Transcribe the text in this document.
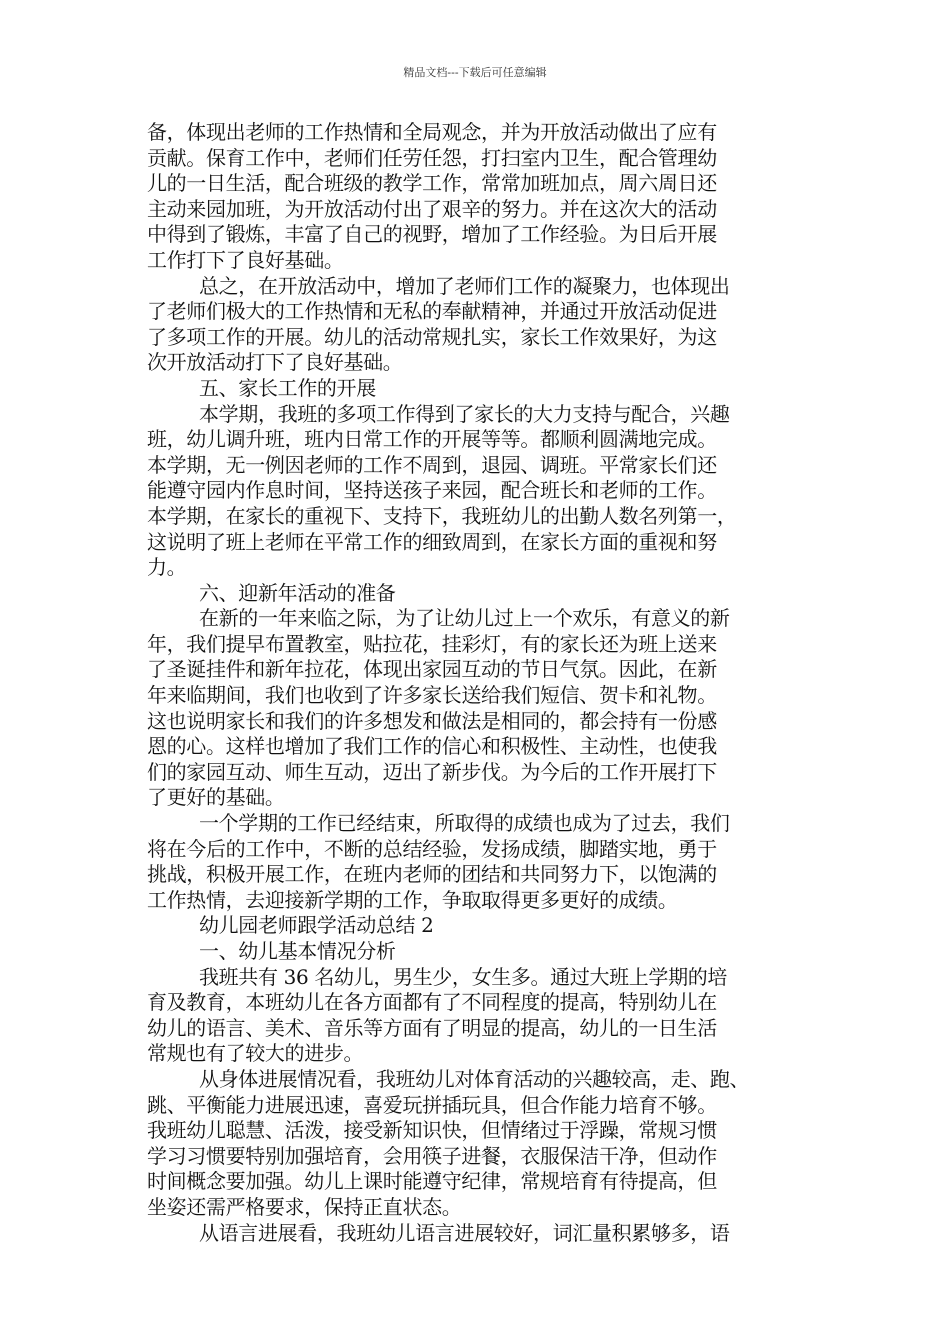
精品文档---下载后可任意编辑
备，体现出老师的工作热情和全局观念，并为开放活动做出了应有
贡献。保育工作中，老师们任劳任怨，打扫室内卫生，配合管理幼
儿的一日生活，配合班级的教学工作，常常加班加点，周六周日还
主动来园加班，为开放活动付出了艰辛的努力。并在这次大的活动
中得到了锻炼，丰富了自己的视野，增加了工作经验。为日后开展
工作打下了良好基础。
总之，在开放活动中，增加了老师们工作的凝聚力，也体现出
了老师们极大的工作热情和无私的奉献精神，并通过开放活动促进
了多项工作的开展。幼儿的活动常规扎实，家长工作效果好，为这
次开放活动打下了良好基础。
五、家长工作的开展
本学期，我班的多项工作得到了家长的大力支持与配合，兴趣
班，幼儿调升班，班内日常工作的开展等等。都顺利圆满地完成。
本学期，无一例因老师的工作不周到，退园、调班。平常家长们还
能遵守园内作息时间，坚持送孩子来园，配合班长和老师的工作。
本学期，在家长的重视下、支持下，我班幼儿的出勤人数名列第一，
这说明了班上老师在平常工作的细致周到，在家长方面的重视和努
力。
六、迎新年活动的准备
在新的一年来临之际，为了让幼儿过上一个欢乐，有意义的新
年，我们提早布置教室，贴拉花，挂彩灯，有的家长还为班上送来
了圣诞挂件和新年拉花，体现出家园互动的节日气氛。因此，在新
年来临期间，我们也收到了许多家长送给我们短信、贺卡和礼物。
这也说明家长和我们的许多想发和做法是相同的，都会持有一份感
恩的心。这样也增加了我们工作的信心和积极性、主动性，也使我
们的家园互动、师生互动，迈出了新步伐。为今后的工作开展打下
了更好的基础。
一个学期的工作已经结束，所取得的成绩也成为了过去，我们
将在今后的工作中，不断的总结经验，发扬成绩，脚踏实地，勇于
挑战，积极开展工作，在班内老师的团结和共同努力下，以饱满的
工作热情，去迎接新学期的工作，争取取得更多更好的成绩。
幼儿园老师跟学活动总结 2
一、幼儿基本情况分析
我班共有 36 名幼儿，男生少，女生多。通过大班上学期的培
育及教育，本班幼儿在各方面都有了不同程度的提高，特别幼儿在
幼儿的语言、美术、音乐等方面有了明显的提高，幼儿的一日生活
常规也有了较大的进步。
从身体进展情况看，我班幼儿对体育活动的兴趣较高，走、跑、
跳、平衡能力进展迅速，喜爱玩拼插玩具，但合作能力培育不够。
我班幼儿聪慧、活泼，接受新知识快，但情绪过于浮躁，常规习惯
学习习惯要特别加强培育，会用筷子进餐，衣服保洁干净，但动作
时间概念要加强。幼儿上课时能遵守纪律，常规培育有待提高，但
坐姿还需严格要求，保持正直状态。
从语言进展看，我班幼儿语言进展较好，词汇量积累够多，语
